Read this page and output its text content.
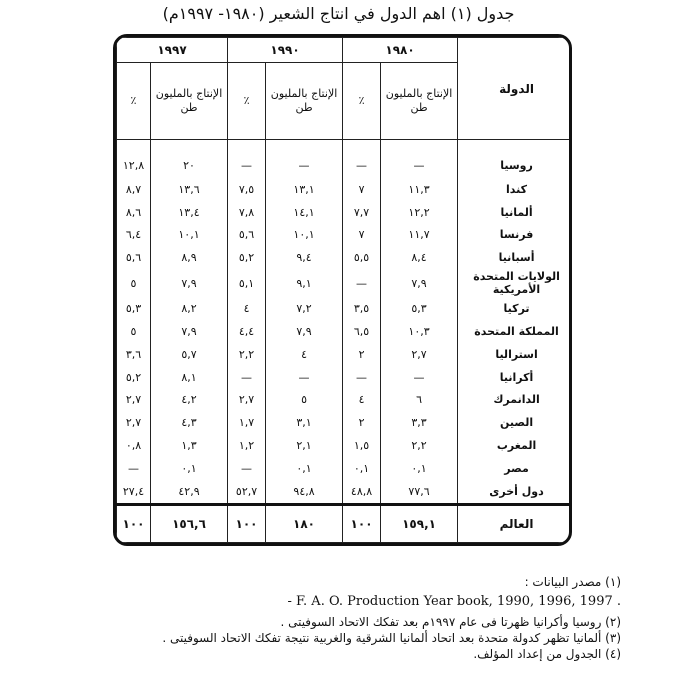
جدول (١) اهم الدول في انتاج الشعير (١٩٨٠- ١٩٩٧م)
الدولة	١٩٨٠		١٩٩٠		١٩٩٧	
	الإنتاج بالمليون طن	٪	الإنتاج بالمليون طن	٪	الإنتاج بالمليون طن	٪
روسيا	—	—	—	—	٢٠	١٢,٨
كندا	١١,٣	٧	١٣,١	٧,٥	١٣,٦	٨,٧
ألمانيا	١٢,٢	٧,٧	١٤,١	٧,٨	١٣,٤	٨,٦
فرنسا	١١,٧	٧	١٠,١	٥,٦	١٠,١	٦,٤
أسبانيا	٨,٤	٥,٥	٩,٤	٥,٢	٨,٩	٥,٦
الولايات المتحدة الأمريكية	٧,٩	—	٩,١	٥,١	٧,٩	٥
تركيا	٥,٣	٣,٥	٧,٢	٤	٨,٢	٥,٣
المملكة المتحدة	١٠,٣	٦,٥	٧,٩	٤,٤	٧,٩	٥
استراليا	٢,٧	٢	٤	٢,٢	٥,٧	٣,٦
أكرانيا	—	—	—	—	٨,١	٥,٢
الدانمرك	٦	٤	٥	٢,٧	٤,٢	٢,٧
الصين	٣,٣	٢	٣,١	١,٧	٤,٣	٢,٧
المغرب	٢,٢	١,٥	٢,١	١,٢	١,٣	٠,٨
مصر	٠,١	٠,١	٠,١	—	٠,١	—
دول أخرى	٧٧,٦	٤٨,٨	٩٤,٨	٥٢,٧	٤٢,٩	٢٧,٤
العالم	١٥٩,١	١٠٠	١٨٠	١٠٠	١٥٦,٦	١٠٠
(١) مصدر البيانات :
- F. A. O. Production Year book, 1990, 1996, 1997 .
(٢) روسيا وأكرانيا ظهرتا فى عام ١٩٩٧م بعد تفكك الاتحاد السوفيتى .
(٣) ألمانيا تظهر كدولة متحدة بعد اتحاد ألمانيا الشرقية والغربية نتيجة تفكك الاتحاد السوفيتى .
(٤) الجدول من إعداد المؤلف.
